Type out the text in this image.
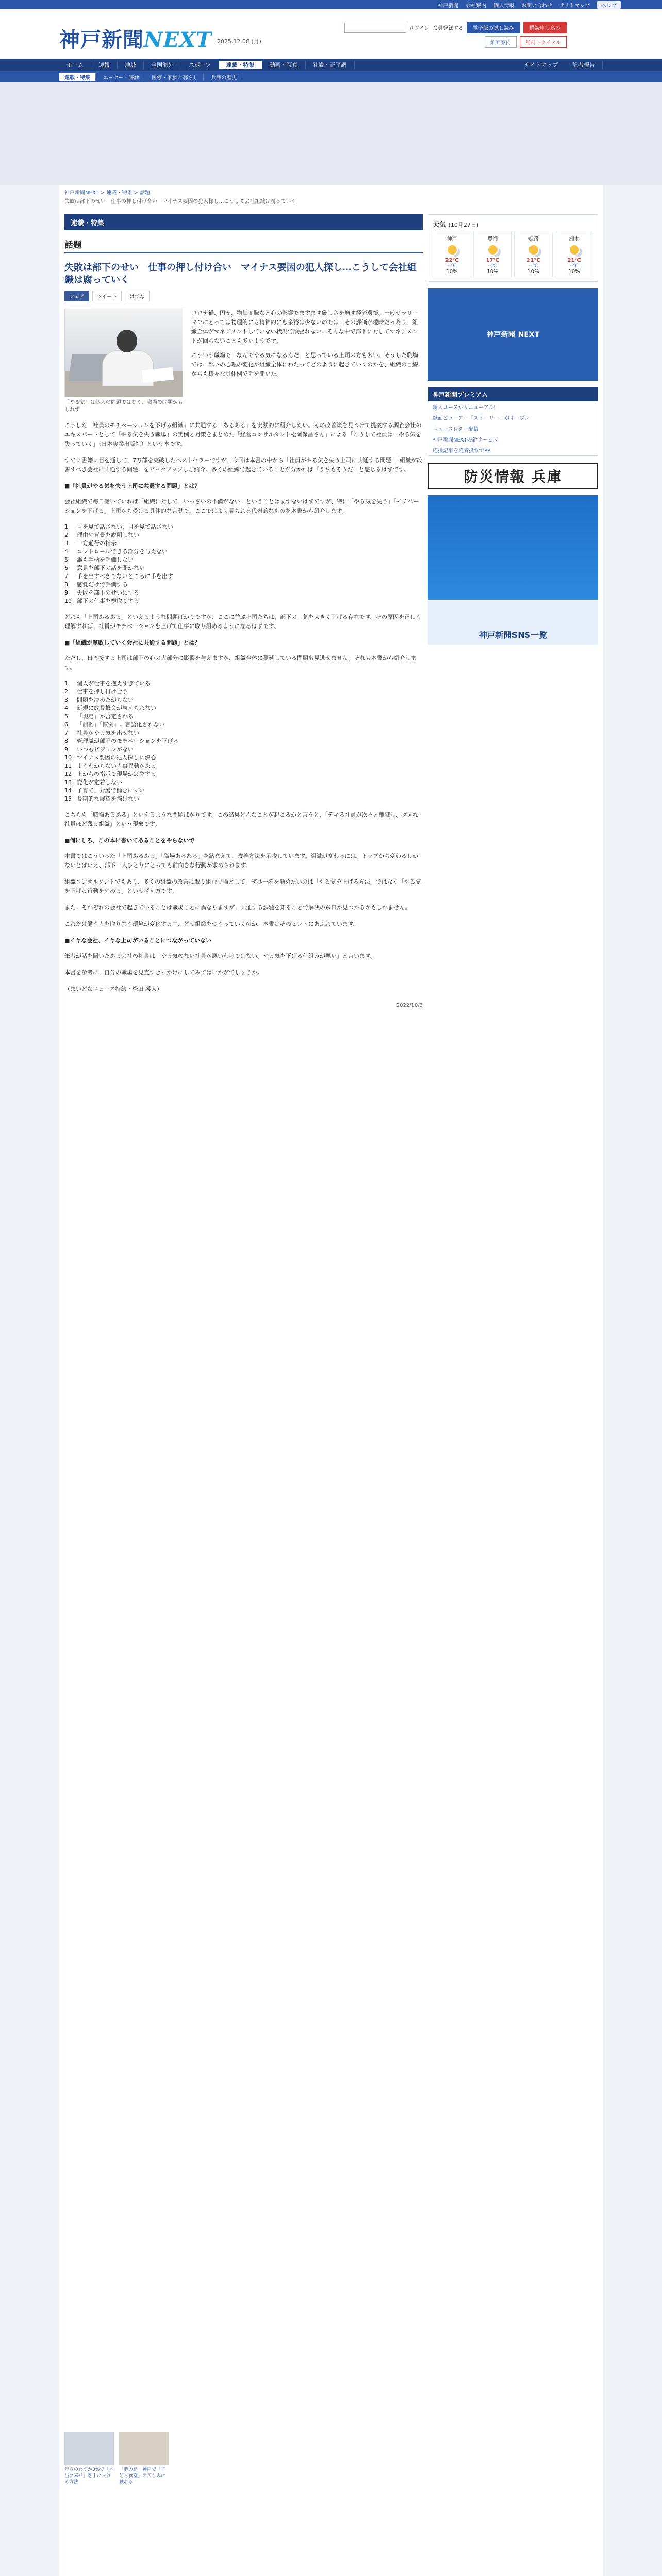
神戸新聞 会社案内 個人情報 お問い合わせ サイトマップ	ヘルプ
神戸新聞NEXT 2025.12.08 (月)
ログイン 会員登録する	電子版の試し読み	購読申し込み
紙面案内	無料トライアル
ホーム	速報	地域	全国海外	スポーツ	連載・特集	動画・写真	社説・正平調	サイトマップ	記者報告
連載・特集	エッセー・評論	医療・家族と暮らし	兵庫の歴史
神戸新聞NEXT > 連載・特集 > 話題
失敗は部下のせい　仕事の押し付け合い　マイナス要因の犯人探し…こうして会社組織は腐っていく
連載・特集
話題
失敗は部下のせい　仕事の押し付け合い　マイナス要因の犯人探し…こうして会社組織は腐っていく
シェア	ツイート	はてな
「やる気」は個人の問題ではなく、職場の問題かもしれず

コロナ禍、円安、物価高騰など心の影響でますます厳しさを増す経済環境。一般サラリーマンにとっては物理的にも精神的にも余裕は少ないのでは、その評価が曖昧だったり、組織全体がマネジメントしていない状況で頑張れない。そんな中で部下に対してマネジメントが回らないことも多いようです。

こういう職場で「なんでやる気になるんだ」と思っている上司の方も多い。そうした職場では、部下の心理の変化が組織全体にわたってどのように起きていくのかを、組織の目線からも様々な具体例で話を聞いた。

こうした「社員のモチベーションを下げる組織」に共通する「あるある」を実践的に紹介したい。その改善策を見つけて提案する調査会社のエキスパートとして「やる気を失う職場」の実例と対策をまとめた「経営コンサルタント松岡保昌さん」による「こうして社員は、やる気を失っていく」（日本実業出版社）という本です。

すでに書籍に目を通して、7万部を突破したベストセラーですが、今回は本書の中から「社員がやる気を失う上司に共通する問題」「組織が改善すべき会社に共通する問題」をピックアップしご紹介。多くの組織で起きていることが分かれば「うちもそうだ」と感じるはずです。

■「社員がやる気を失う上司に共通する問題」とは？

会社組織で毎日働いていれば「組織に対して、いっさいの不満がない」ということはまずないはずですが、特に「やる気を失う」「モチベーションを下げる」上司から受ける具体的な言動で、ここではよく見られる代表的なものを本書から紹介します。

1	目を見て話さない、目を見て話さない
2	理由や背景を説明しない
3	一方通行の指示
4	コントロールできる部分を与えない
5	誰も手柄を評価しない
6	意見を部下の話を聞かない
7	手を出すべきでないところに手を出す
8	感覚だけで評価する
9	失敗を部下のせいにする
10 部下の仕事を横取りする

どれも「上司あるある」といえるような問題ばかりですが、ここに並ぶ上司たちは、部下の士気を大きく下げる存在です。その原因を正しく理解すれば、社員がモチベーションを上げて仕事に取り組めるようになるはずです。

■「組織が腐敗していく会社に共通する問題」とは？

ただし、日々接する上司は部下の心の大部分に影響を与えますが、組織全体に蔓延している問題も見逃せません。それも本書から紹介します。

1	個人が仕事を抱えすぎている
2	仕事を押し付け合う
3	問題を決めたがらない
4	新規に成長機会が与えられない
5	「現場」が否定される
6	「前例」「慣例」…言語化されない
7	社員がやる気を出せない
8	管理職が部下のモチベーションを下げる
9	いつもビジョンがない
10 マイナス要因の犯人探しに熱心
11 よくわからない人事異動がある
12 上からの指示で現場が疲弊する
13 変化が定着しない
14 子育て、介護で働きにくい
15 長期的な展望を描けない

こちらも「職場あるある」といえるような問題ばかりです。この結果どんなことが起こるかと言うと、「デキる社員が次々と離職し、ダメな社員ほど残る組織」という現象です。

■何にしろ、この本に書いてあることをやらないで

本書ではこういった「上司あるある」「職場あるある」を踏まえて、改善方法を示唆しています。組織が変わるには、トップから変わるしかないとはいえ、部下一人ひとりにとっても前向きな行動が求められます。

組織コンサルタントでもあり、多くの組織の改善に取り組む立場として、ぜひ一読を勧めたいのは「やる気を上げる方法」ではなく「やる気を下げる行動をやめる」という考え方です。

また、それぞれの会社で起きていることは職場ごとに異なりますが、共通する課題を知ることで解決の糸口が見つかるかもしれません。

これだけ働く人を取り巻く環境が変化する中、どう組織をつくっていくのか。本書はそのヒントにあふれています。

■イヤな会社、イヤな上司がいることにつながっていない

筆者が話を聞いたある会社の社員は「やる気のない社員が悪いわけではない。やる気を下げる仕組みが悪い」と言います。

本書を参考に、自分の職場を見直すきっかけにしてみてはいかがでしょうか。

（まいどなニュース特約・松田 義人）

2022/10/3
天気 (10月27日)
神戸
22℃
--℃
10%
豊岡
17℃
--℃
10%
姫路
21℃
--℃
10%
洲本
21℃
--℃
10%
神戸新聞 NEXT
神戸新聞プレミアム
新人コースがリニューアル！
紙面ビューアー「ストーリー」がオープン
ニュースレター配信
神戸新聞NEXTの新サービス
応援記事を読者投票でPR
防災情報 兵庫
神戸新聞SNS一覧
年収のわずか3%で「本当に幸せ」を手に入れる方法
「夢の島」神戸で「子ども食堂」の苦しみに触れる
